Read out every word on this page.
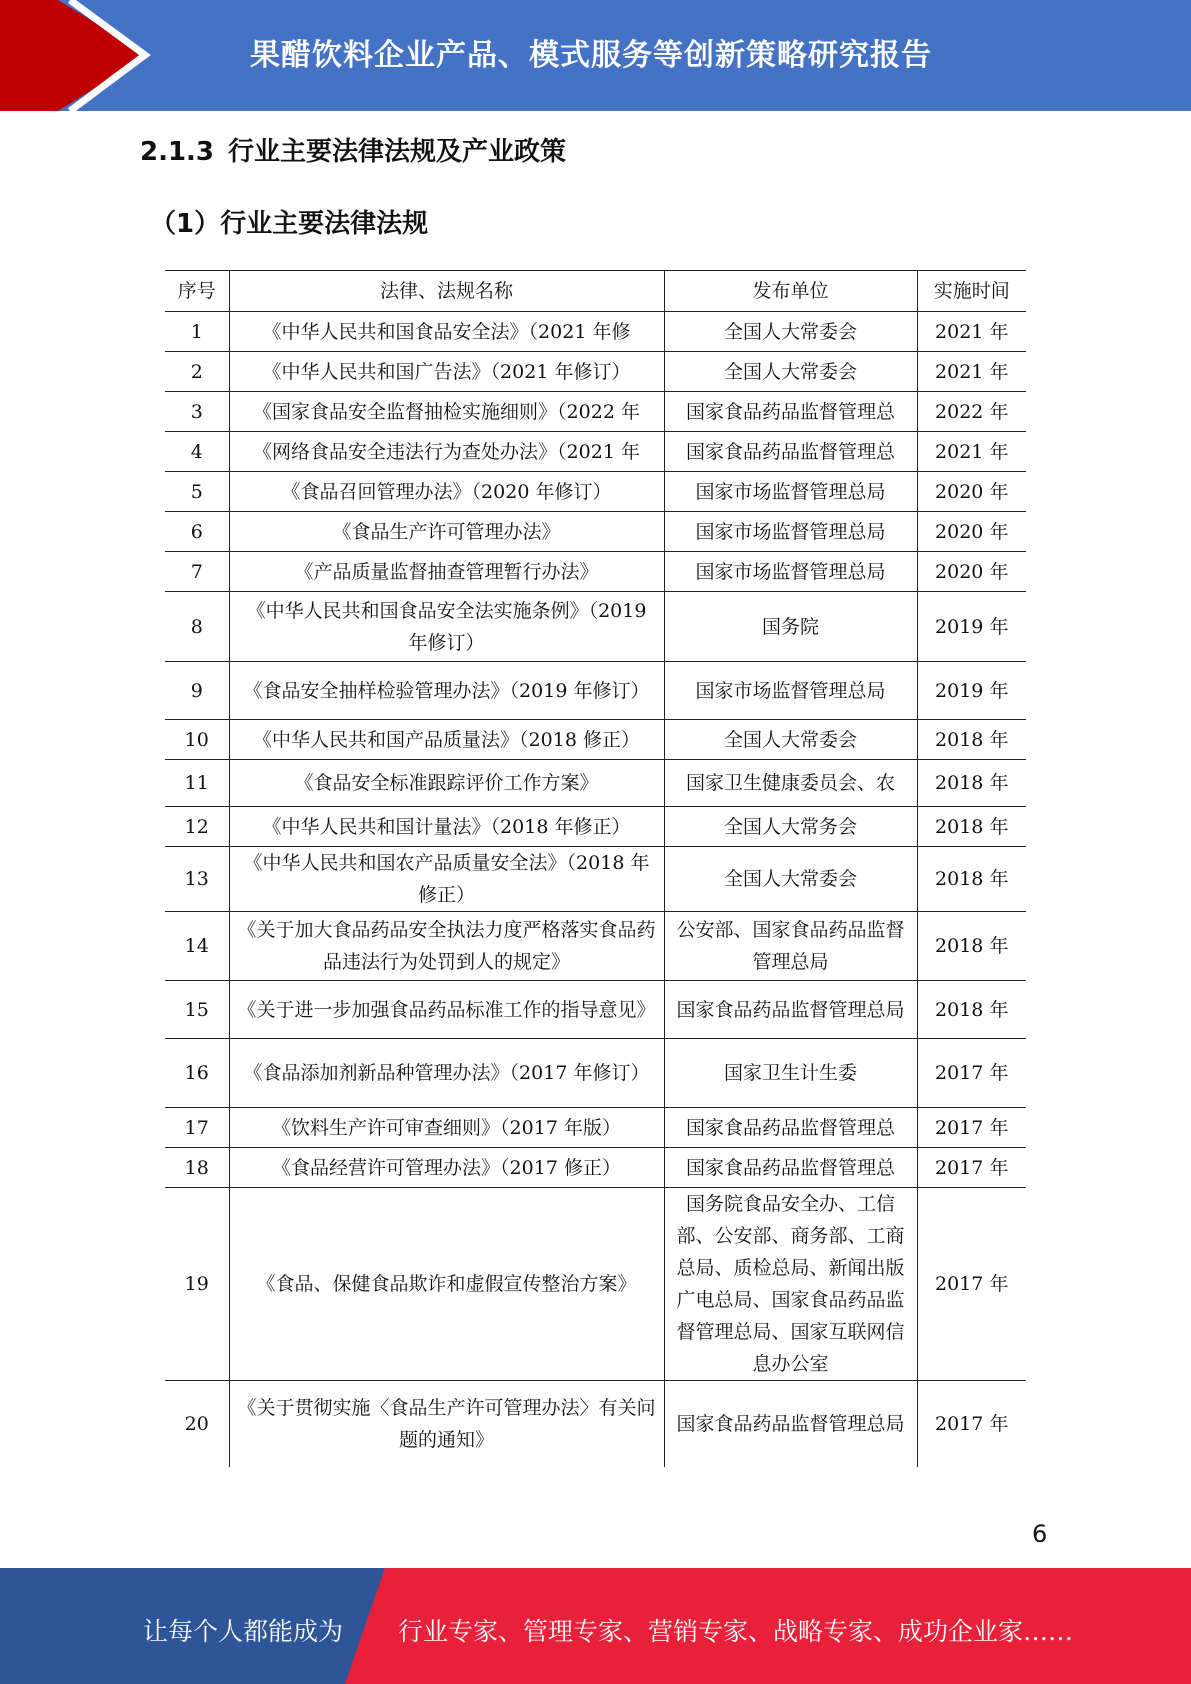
果醋饮料企业产品、模式服务等创新策略研究报告
2.1.3 行业主要法律法规及产业政策
（1）行业主要法律法规
序号	法律、法规名称	发布单位	实施时间
1	《中华人民共和国食品安全法》（2021 年修	全国人大常委会	2021 年
2	《中华人民共和国广告法》（2021 年修订）	全国人大常委会	2021 年
3	《国家食品安全监督抽检实施细则》（2022 年	国家食品药品监督管理总	2022 年
4	《网络食品安全违法行为查处办法》（2021 年	国家食品药品监督管理总	2021 年
5	《食品召回管理办法》（2020 年修订）	国家市场监督管理总局	2020 年
6	《食品生产许可管理办法》	国家市场监督管理总局	2020 年
7	《产品质量监督抽查管理暂行办法》	国家市场监督管理总局	2020 年
8	《中华人民共和国食品安全法实施条例》（2019 年修订）	国务院	2019 年
9	《食品安全抽样检验管理办法》（2019 年修订）	国家市场监督管理总局	2019 年
10	《中华人民共和国产品质量法》（2018 修正）	全国人大常委会	2018 年
11	《食品安全标准跟踪评价工作方案》	国家卫生健康委员会、农	2018 年
12	《中华人民共和国计量法》（2018 年修正）	全国人大常务会	2018 年
13	《中华人民共和国农产品质量安全法》（2018 年修正）	全国人大常委会	2018 年
14	《关于加大食品药品安全执法力度严格落实食品药品违法行为处罚到人的规定》	公安部、国家食品药品监督管理总局	2018 年
15	《关于进一步加强食品药品标准工作的指导意见》	国家食品药品监督管理总局	2018 年
16	《食品添加剂新品种管理办法》（2017 年修订）	国家卫生计生委	2017 年
17	《饮料生产许可审查细则》（2017 年版）	国家食品药品监督管理总	2017 年
18	《食品经营许可管理办法》（2017 修正）	国家食品药品监督管理总	2017 年
19	《食品、保健食品欺诈和虚假宣传整治方案》	国务院食品安全办、工信部、公安部、商务部、工商总局、质检总局、新闻出版广电总局、国家食品药品监督管理总局、国家互联网信息办公室	2017 年
20	《关于贯彻实施〈食品生产许可管理办法〉有关问题的通知》	国家食品药品监督管理总局	2017 年
6
让每个人都能成为 行业专家、管理专家、营销专家、战略专家、成功企业家……
